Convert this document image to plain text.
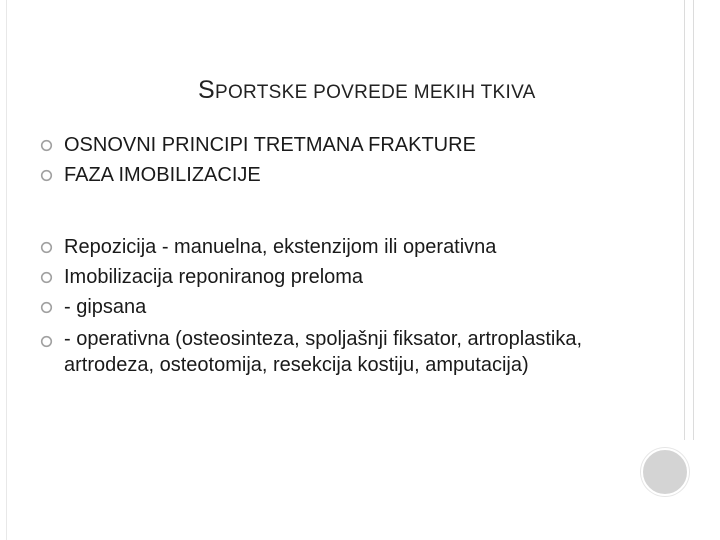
SPORTSKE POVREDE MEKIH TKIVA
OSNOVNI PRINCIPI TRETMANA FRAKTURE
FAZA IMOBILIZACIJE
Repozicija - manuelna, ekstenzijom ili operativna
Imobilizacija reponiranog preloma
- gipsana
- operativna (osteosinteza, spoljašnji fiksator, artroplastika, artrodeza, osteotomija, resekcija kostiju, amputacija)
